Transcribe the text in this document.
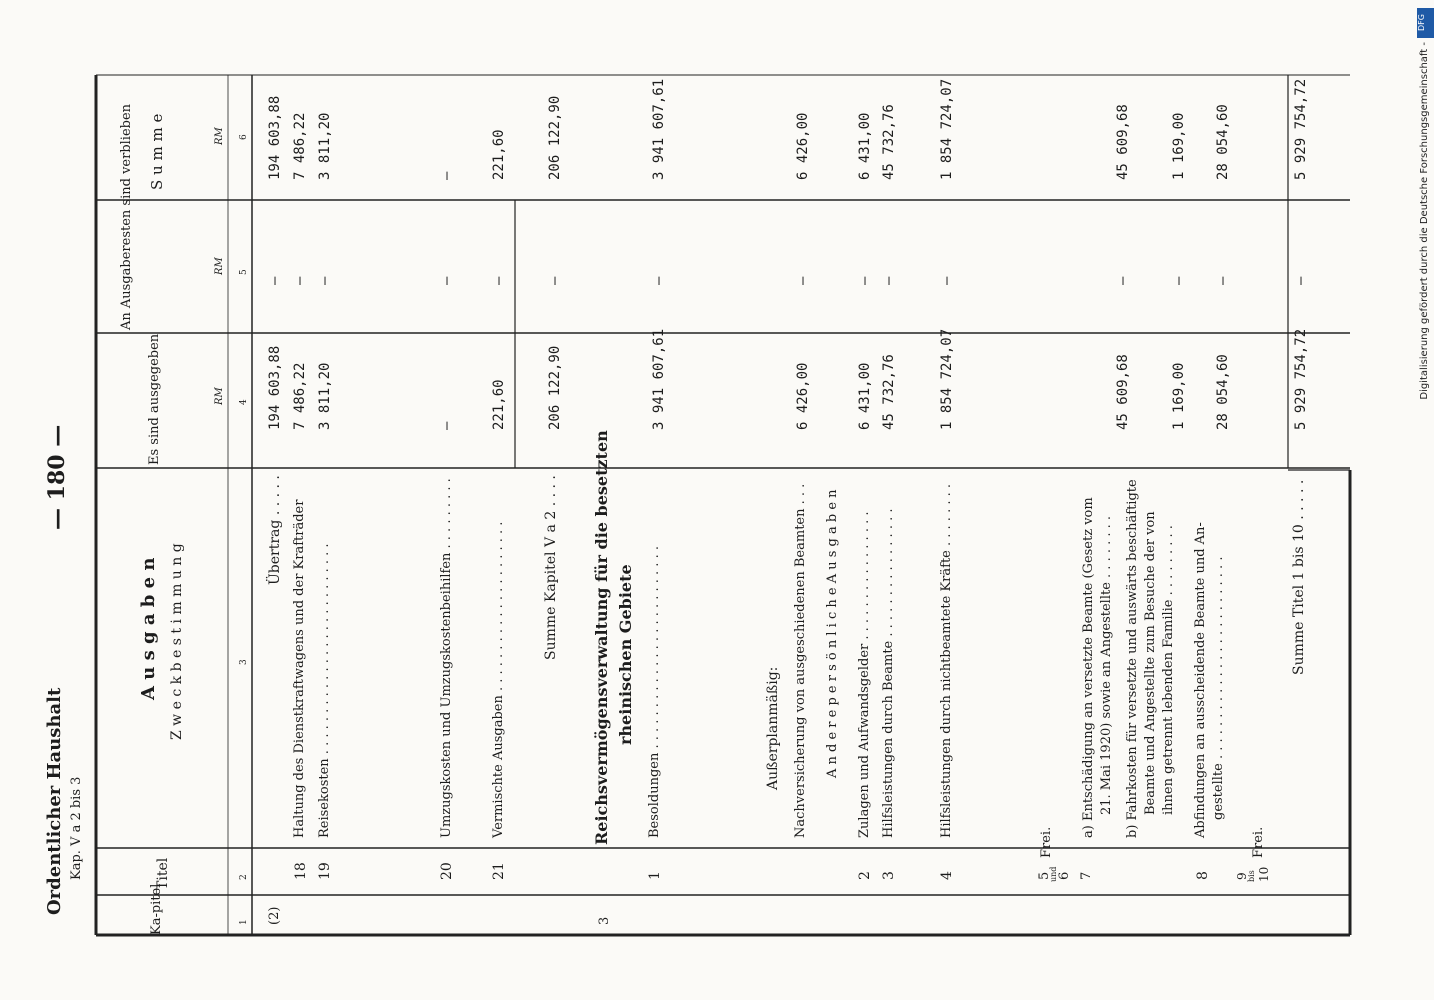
Ordentlicher Haushalt Kap. V a 2 bis 3
— 180 —
Ka-pitel
Titel
A u s g a b e n Z w e c k b e s t i m m u n g
Es sind ausgegeben
An Ausgaberesten sind verblieben S u m m e
RM
RM
RM
1
2
3
4
5
6
Übertrag . . . . .
(2)
18
Haltung des Dienstkraftwagens und der Krafträder
19
Reisekosten . . . . . . . . . . . . . . . . . . . . . . . . . .
20
Umzugskosten und Umzugskostenbeihilfen . . . . . . . . .
21
Vermischte Ausgaben . . . . . . . . . . . . . . . . . . . . .	Summe Kapitel V a 2 . . . .
3
Reichsvermögensverwaltung für die besetzten rheinischen Gebiete
1
Besoldungen . . . . . . . . . . . . . . . . . . . . . . . . .	Außerplanmäßig: Nachversicherung von ausgeschiedenen Beamten . . . A n d e r e p e r s ö n l i c h e A u s g a b e n
2
Zulagen und Aufwandsgelder . . . . . . . . . . . . . . . .
3
Hilfsleistungen durch Beamte . . . . . . . . . . . . . . . .
4
Hilfsleistungen durch nichtbeamtete Kräfte . . . . . . . .
5
und 6 7
Frei.
a) Entschädigung an versetzte Beamte (Gesetz vom 21. Mai 1920) sowie an Angestellte . . . . . . . . b) Fahrkosten für versetzte und auswärts beschäftigte Beamte und Angestellte zum Besuche der von ihnen getrennt lebenden Familie . . . . . . . . .
8
Abfindungen an ausscheidende Beamte und An- gestellte . . . . . . . . . . . . . . . . . . . . . . . . .
9
bis 10
Frei.
Summe Titel 1 bis 10 . . . . .
194 603,88
—
194 603,88
7 486,22
—
7 486,22
3 811,20
—
3 811,20
—
—
—
221,60
—
221,60
206 122,90
—
206 122,90
3 941 607,61
—
3 941 607,61
6 426,00
—
6 426,00
6 431,00
—
6 431,00
45 732,76
—
45 732,76
1 854 724,07
—
1 854 724,07
45 609,68
—
45 609,68
1 169,00
—
1 169,00
28 054,60
—
28 054,60
5 929 754,72
—
5 929 754,72
DFG
Digitalisierung gefördert durch die Deutsche Forschungsgemeinschaft -
